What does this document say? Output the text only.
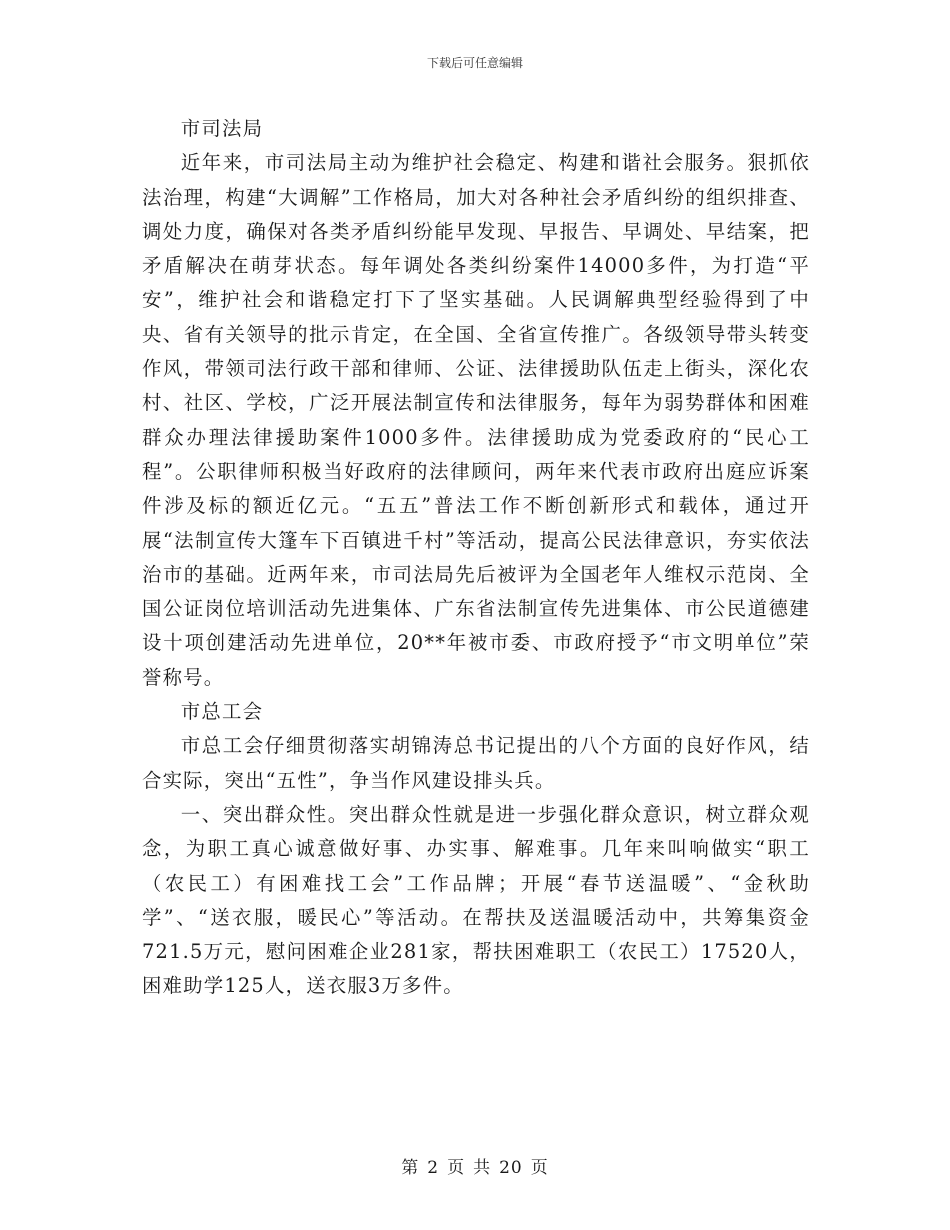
下载后可任意编辑

市司法局

近年来，市司法局主动为维护社会稳定、构建和谐社会服务。狠抓依法治理，构建“大调解”工作格局，加大对各种社会矛盾纠纷的组织排查、调处力度，确保对各类矛盾纠纷能早发现、早报告、早调处、早结案，把矛盾解决在萌芽状态。每年调处各类纠纷案件14000多件，为打造“平安”，维护社会和谐稳定打下了坚实基础。人民调解典型经验得到了中央、省有关领导的批示肯定，在全国、全省宣传推广。各级领导带头转变作风，带领司法行政干部和律师、公证、法律援助队伍走上街头，深化农村、社区、学校，广泛开展法制宣传和法律服务，每年为弱势群体和困难群众办理法律援助案件1000多件。法律援助成为党委政府的“民心工程”。公职律师积极当好政府的法律顾问，两年来代表市政府出庭应诉案件涉及标的额近亿元。“五五”普法工作不断创新形式和载体，通过开展“法制宣传大篷车下百镇进千村”等活动，提高公民法律意识，夯实依法治市的基础。近两年来，市司法局先后被评为全国老年人维权示范岗、全国公证岗位培训活动先进集体、广东省法制宣传先进集体、市公民道德建设十项创建活动先进单位，20**年被市委、市政府授予“市文明单位”荣誉称号。

市总工会

市总工会仔细贯彻落实胡锦涛总书记提出的八个方面的良好作风，结合实际，突出“五性”，争当作风建设排头兵。

一、突出群众性。突出群众性就是进一步强化群众意识，树立群众观念，为职工真心诚意做好事、办实事、解难事。几年来叫响做实“职工（农民工）有困难找工会”工作品牌；开展“春节送温暖”、“金秋助学”、“送衣服，暖民心”等活动。在帮扶及送温暖活动中，共筹集资金721.5万元，慰问困难企业281家，帮扶困难职工（农民工）17520人，困难助学125人，送衣服3万多件。

第 2 页 共 20 页
